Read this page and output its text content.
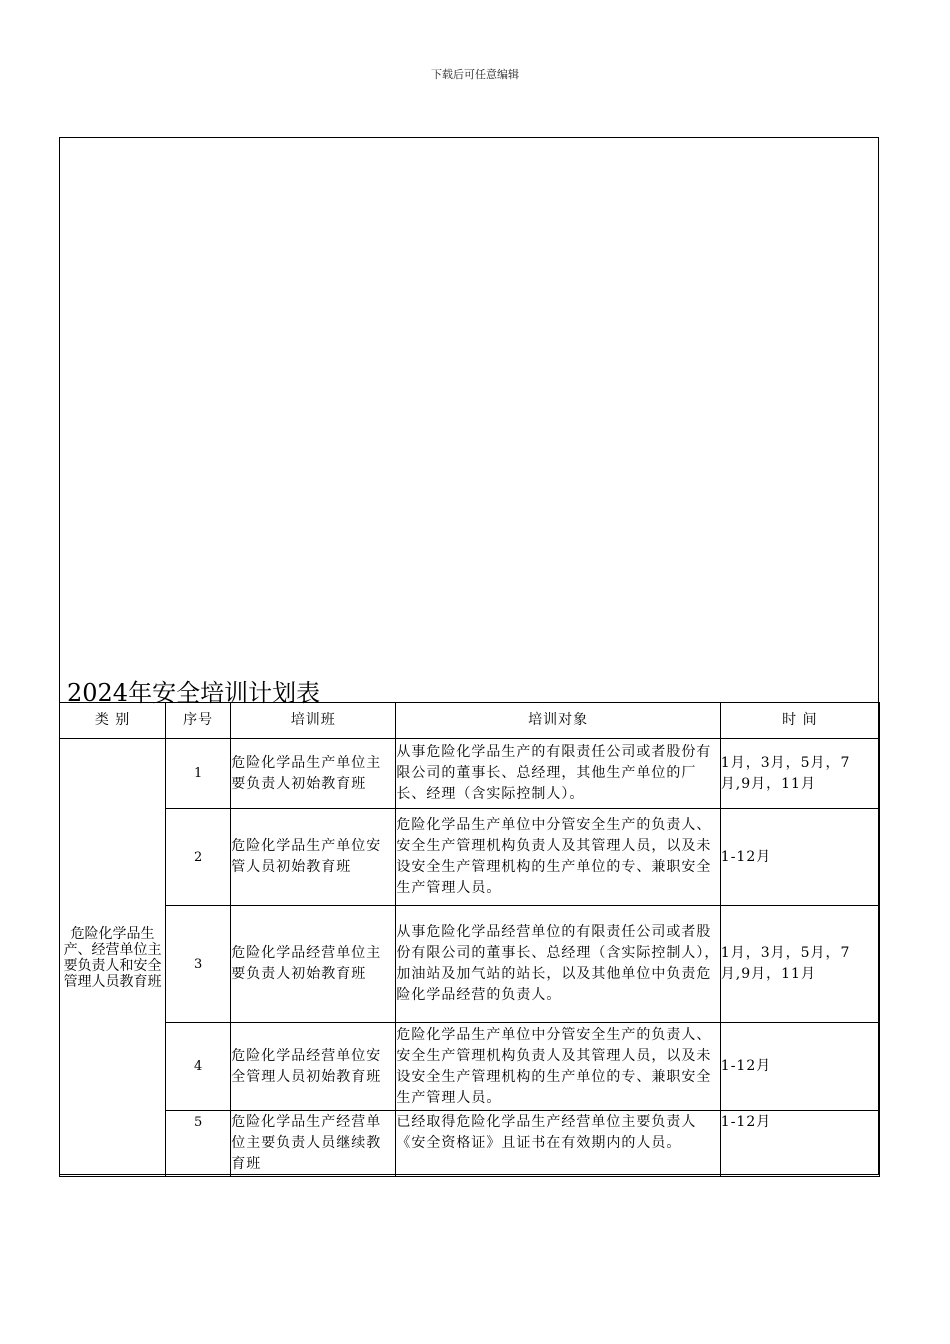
下载后可任意编辑
2024年安全培训计划表
类 别	序号	培训班	培训对象	时 间
危险化学品生产、经营单位主要负责人和安全管理人员教育班	1	危险化学品生产单位主要负责人初始教育班	从事危险化学品生产的有限责任公司或者股份有限公司的董事长、总经理，其他生产单位的厂长、经理（含实际控制人）。	1月，3月，5月，7月,9月，11月
	2	危险化学品生产单位安管人员初始教育班	危险化学品生产单位中分管安全生产的负责人、安全生产管理机构负责人及其管理人员，以及未设安全生产管理机构的生产单位的专、兼职安全生产管理人员。	1-12月
	3	危险化学品经营单位主要负责人初始教育班	从事危险化学品经营单位的有限责任公司或者股份有限公司的董事长、总经理（含实际控制人），加油站及加气站的站长，以及其他单位中负责危险化学品经营的负责人。	1月，3月，5月，7月,9月，11月
	4	危险化学品经营单位安全管理人员初始教育班	危险化学品生产单位中分管安全生产的负责人、安全生产管理机构负责人及其管理人员，以及未设安全生产管理机构的生产单位的专、兼职安全生产管理人员。	1-12月
	5	危险化学品生产经营单位主要负责人员继续教育班	已经取得危险化学品生产经营单位主要负责人《安全资格证》且证书在有效期内的人员。	1-12月
